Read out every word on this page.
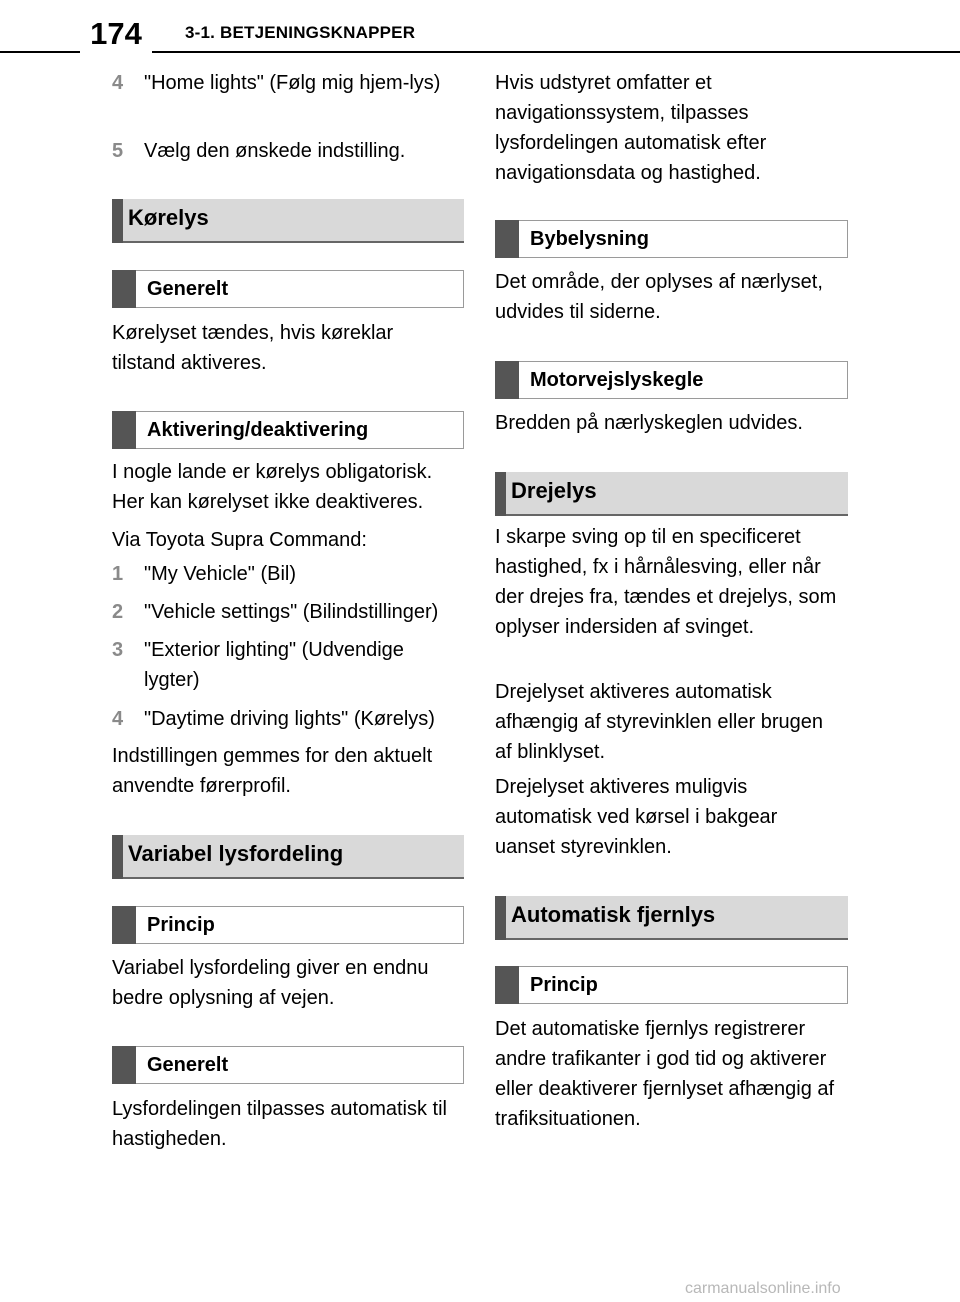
174	3-1. BETJENINGSKNAPPER
4	"Home lights" (Følg mig hjem-lys)
5	Vælg den ønskede indstilling.
Kørelys
Generelt

Kørelyset tændes, hvis køreklar tilstand aktiveres.

Aktivering/deaktivering

I nogle lande er kørelys obligatorisk. Her kan kørelyset ikke deaktiveres.

Via Toyota Supra Command:

1	"My Vehicle" (Bil)
2	"Vehicle settings" (Bilindstillinger)
3	"Exterior lighting" (Udvendige lygter)
4	"Daytime driving lights" (Kørelys)

Indstillingen gemmes for den aktuelt anvendte førerprofil.

Variabel lysfordeling
Princip

Variabel lysfordeling giver en endnu bedre oplysning af vejen.

Generelt

Lysfordelingen tilpasses automatisk til hastigheden.

Hvis udstyret omfatter et navigationssystem, tilpasses lysfordelingen automatisk efter navigationsdata og hastighed.

Bybelysning

Det område, der oplyses af nærlyset, udvides til siderne.

Motorvejslyskegle

Bredden på nærlyskeglen udvides.

Drejelys

I skarpe sving op til en specificeret hastighed, fx i hårnålesving, eller når der drejes fra, tændes et drejelys, som oplyser indersiden af svinget.

Drejelyset aktiveres automatisk afhængig af styrevinklen eller brugen af blinklyset.

Drejelyset aktiveres muligvis automatisk ved kørsel i bakgear uanset styrevinklen.

Automatisk fjernlys
Princip

Det automatiske fjernlys registrerer andre trafikanter i god tid og aktiverer eller deaktiverer fjernlyset afhængig af trafiksituationen.

carmanualsonline.info
